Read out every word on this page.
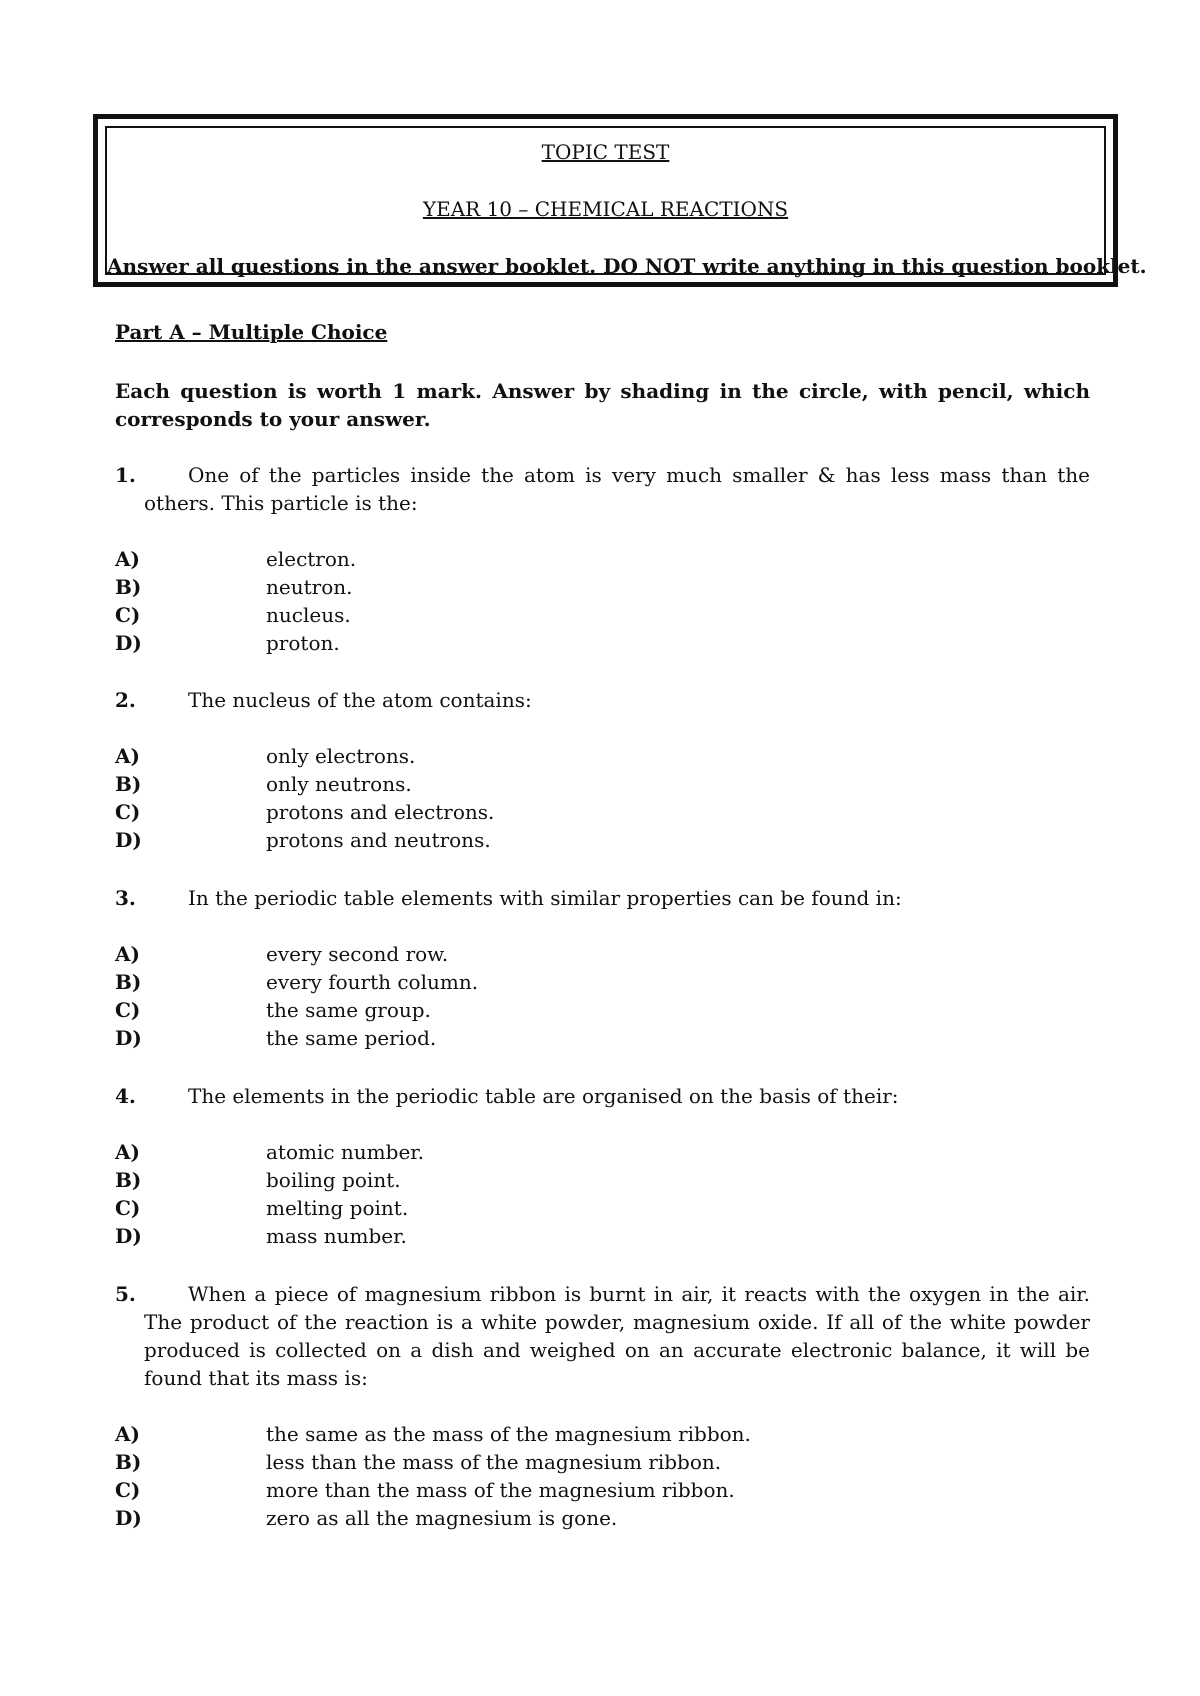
TOPIC TEST
YEAR 10 – CHEMICAL REACTIONS
Answer all questions in the answer booklet. DO NOT write anything in this question booklet.
Part A – Multiple Choice
Each question is worth 1 mark. Answer by shading in the circle, with pencil, which corresponds to your answer.
1.	One of the particles inside the atom is very much smaller & has less mass than the others. This particle is the:
A)	electron.
B)	neutron.
C)	nucleus.
D)	proton.
2.	The nucleus of the atom contains:
A)	only electrons.
B)	only neutrons.
C)	protons and electrons.
D)	protons and neutrons.
3.	In the periodic table elements with similar properties can be found in:
A)	every second row.
B)	every fourth column.
C)	the same group.
D)	the same period.
4.	The elements in the periodic table are organised on the basis of their:
A)	atomic number.
B)	boiling point.
C)	melting point.
D)	mass number.
5.	When a piece of magnesium ribbon is burnt in air, it reacts with the oxygen in the air. The product of the reaction is a white powder, magnesium oxide. If all of the white powder produced is collected on a dish and weighed on an accurate electronic balance, it will be found that its mass is:
A)	the same as the mass of the magnesium ribbon.
B)	less than the mass of the magnesium ribbon.
C)	more than the mass of the magnesium ribbon.
D)	zero as all the magnesium is gone.
